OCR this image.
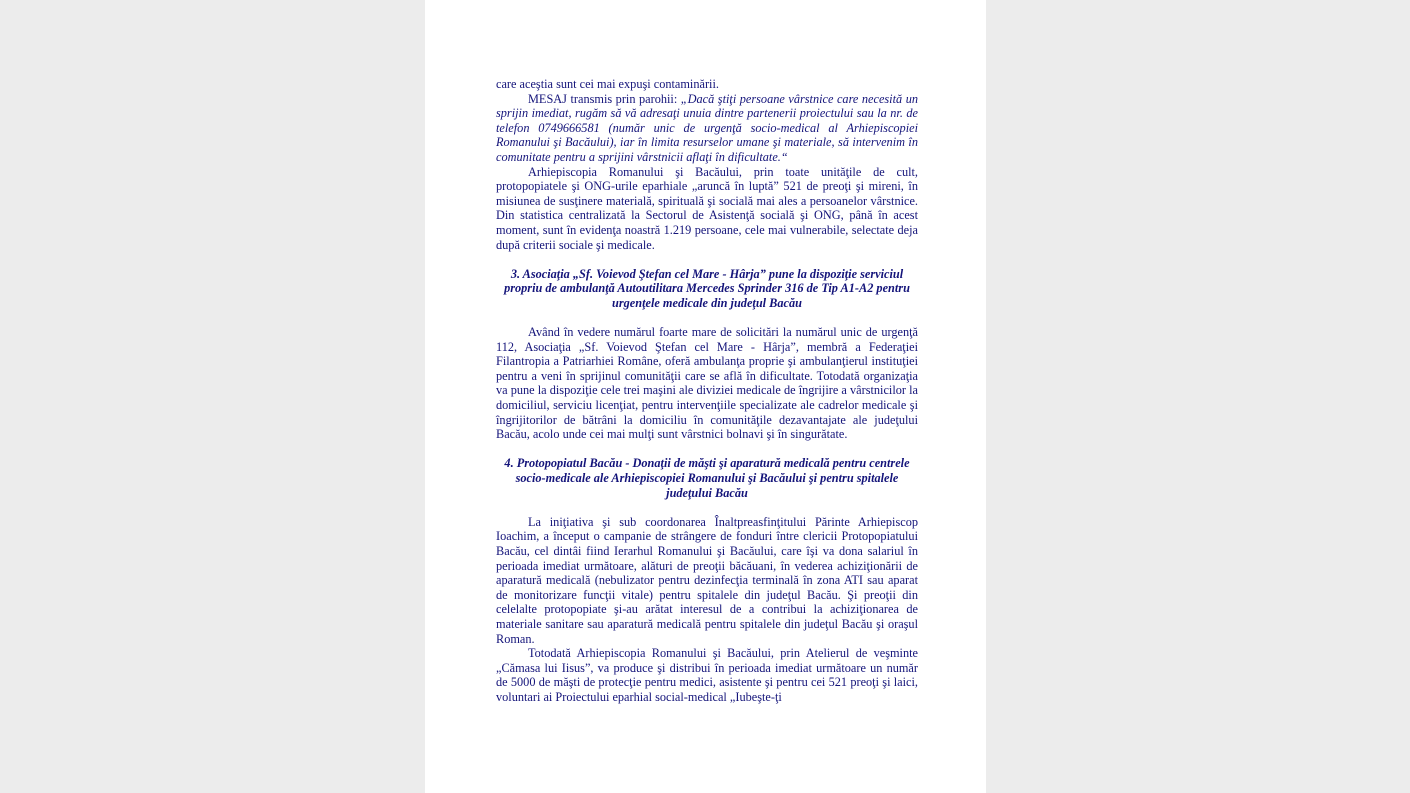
care aceştia sunt cei mai expuşi contaminării.

MESAJ transmis prin parohii: „Dacă ştiţi persoane vârstnice care necesită un sprijin imediat, rugăm să vă adresaţi unuia dintre partenerii proiectului sau la nr. de telefon 0749666581 (număr unic de urgenţă socio-medical al Arhiepiscopiei Romanului şi Bacăului), iar în limita resurselor umane şi materiale, să intervenim în comunitate pentru a sprijini vârstnicii aflaţi în dificultate.“

Arhiepiscopia Romanului şi Bacăului, prin toate unităţile de cult, protopopiatele şi ONG-urile eparhiale „aruncă în luptă” 521 de preoţi şi mireni, în misiunea de susţinere materială, spirituală şi socială mai ales a persoanelor vârstnice. Din statistica centralizată la Sectorul de Asistenţă socială şi ONG, până în acest moment, sunt în evidenţa noastră 1.219 persoane, cele mai vulnerabile, selectate deja după criterii sociale şi medicale.

3. Asociaţia „Sf. Voievod Ştefan cel Mare - Hârja” pune la dispoziţie serviciul propriu de ambulanţă Autoutilitara Mercedes Sprinder 316 de Tip A1-A2 pentru urgenţele medicale din judeţul Bacău

Având în vedere numărul foarte mare de solicitări la numărul unic de urgenţă 112, Asociaţia „Sf. Voievod Ştefan cel Mare - Hârja”, membră a Federaţiei Filantropia a Patriarhiei Române, oferă ambulanţa proprie şi ambulanţierul instituţiei pentru a veni în sprijinul comunităţii care se află în dificultate. Totodată organizaţia va pune la dispoziţie cele trei maşini ale diviziei medicale de îngrijire a vârstnicilor la domiciliul, serviciu licenţiat, pentru intervenţiile specializate ale cadrelor medicale şi îngrijitorilor de bătrâni la domiciliu în comunităţile dezavantajate ale judeţului Bacău, acolo unde cei mai mulţi sunt vârstnici bolnavi şi în singurătate.

4. Protopopiatul Bacău - Donaţii de măşti şi aparatură medicală pentru centrele socio-medicale ale Arhiepiscopiei Romanului şi Bacăului şi pentru spitalele judeţului Bacău

La iniţiativa şi sub coordonarea Înaltpreasfinţitului Părinte Arhiepiscop Ioachim, a început o campanie de strângere de fonduri între clericii Protopopiatului Bacău, cel dintâi fiind Ierarhul Romanului şi Bacăului, care îşi va dona salariul în perioada imediat următoare, alături de preoţii băcăuani, în vederea achiziţionării de aparatură medicală (nebulizator pentru dezinfecţia terminală în zona ATI sau aparat de monitorizare funcţii vitale) pentru spitalele din judeţul Bacău. Şi preoţii din celelalte protopopiate şi-au arătat interesul de a contribui la achiziţionarea de materiale sanitare sau aparatură medicală pentru spitalele din judeţul Bacău şi oraşul Roman.

Totodată Arhiepiscopia Romanului şi Bacăului, prin Atelierul de veşminte „Cămasa lui Iisus”, va produce şi distribui în perioada imediat următoare un număr de 5000 de măşti de protecţie pentru medici, asistente şi pentru cei 521 preoţi şi laici, voluntari ai Proiectului eparhial social-medical „Iubeşte-ţi
